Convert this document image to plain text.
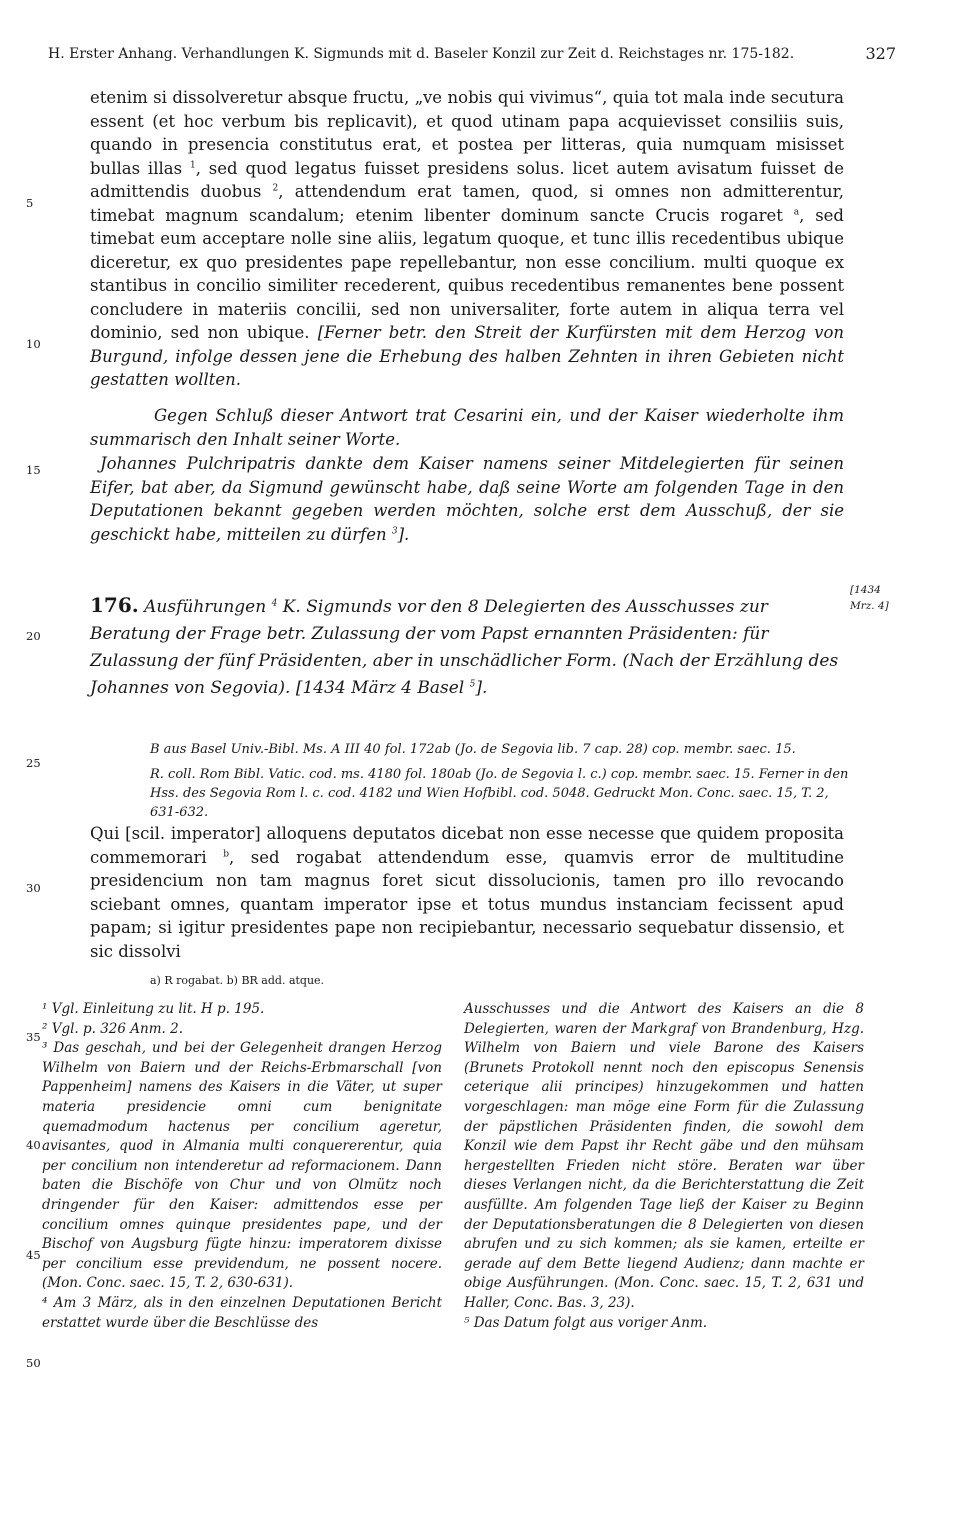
H. Erster Anhang. Verhandlungen K. Sigmunds mit d. Baseler Konzil zur Zeit d. Reichstages nr. 175-182.	327
5
10
15
20
25
30
35
40
45
50
etenim si dissolveretur absque fructu, „ve nobis qui vivimus“, quia tot mala inde secutura essent (et hoc verbum bis replicavit), et quod utinam papa acquievisset consiliis suis, quando in presencia constitutus erat, et postea per litteras, quia numquam misisset bullas illas $^1$, sed quod legatus fuisset presidens solus. licet autem avisatum fuisset de admittendis duobus $^2$, attendendum erat tamen, quod, si omnes non admitterentur, timebat magnum scandalum; etenim libenter dominum sancte Crucis rogaret $^a$, sed timebat eum acceptare nolle sine aliis, legatum quoque, et tunc illis recedentibus ubique diceretur, ex quo presidentes pape repellebantur, non esse concilium. multi quoque ex stantibus in concilio similiter recederent, quibus recedentibus remanentes bene possent concludere in materiis concilii, sed non universaliter, forte autem in aliqua terra vel dominio, sed non ubique. [Ferner betr. den Streit der Kurfürsten mit dem Herzog von Burgund, infolge dessen jene die Erhebung des halben Zehnten in ihren Gebieten nicht gestatten wollten.
Gegen Schluß dieser Antwort trat Cesarini ein, und der Kaiser wiederholte ihm summarisch den Inhalt seiner Worte.
Johannes Pulchripatris dankte dem Kaiser namens seiner Mitdelegierten für seinen Eifer, bat aber, da Sigmund gewünscht habe, daß seine Worte am folgenden Tage in den Deputationen bekannt gegeben werden möchten, solche erst dem Ausschuß, der sie geschickt habe, mitteilen zu dürfen $^3$].
176. Ausführungen $^4$ K. Sigmunds vor den 8 Delegierten des Ausschusses zur Beratung der Frage betr. Zulassung der vom Papst ernannten Präsidenten: für Zulassung der fünf Präsidenten, aber in unschädlicher Form. (Nach der Erzählung des Johannes von Segovia). [1434 März 4 Basel $^5$].
[1434
Mrz. 4]
B aus Basel Univ.-Bibl. Ms. A III 40 fol. 172ab (Jo. de Segovia lib. 7 cap. 28) cop. membr. saec. 15.
R. coll. Rom Bibl. Vatic. cod. ms. 4180 fol. 180ab (Jo. de Segovia l. c.) cop. membr. saec. 15. Ferner in den Hss. des Segovia Rom l. c. cod. 4182 und Wien Hofbibl. cod. 5048. Gedruckt Mon. Conc. saec. 15, T. 2, 631-632.
Qui [scil. imperator] alloquens deputatos dicebat non esse necesse que quidem proposita commemorari $^b$, sed rogabat attendendum esse, quamvis error de multitudine presidencium non tam magnus foret sicut dissolucionis, tamen pro illo revocando sciebant omnes, quantam imperator ipse et totus mundus instanciam fecissent apud papam; si igitur presidentes pape non recipiebantur, necessario sequebatur dissensio, et sic dissolvi
a) R rogabat. b) BR add. atque.

¹ Vgl. Einleitung zu lit. H p. 195.

² Vgl. p. 326 Anm. 2.

³ Das geschah, und bei der Gelegenheit drangen Herzog Wilhelm von Baiern und der Reichs-Erbmarschall [von Pappenheim] namens des Kaisers in die Väter, ut super materia presidencie omni cum benignitate quemadmodum hactenus per concilium ageretur, avisantes, quod in Almania multi conquererentur, quia per concilium non intenderetur ad reformacionem. Dann baten die Bischöfe von Chur und von Olmütz noch dringender für den Kaiser: admittendos esse per concilium omnes quinque presidentes pape, und der Bischof von Augsburg fügte hinzu: imperatorem dixisse per concilium esse previdendum, ne possent nocere. (Mon. Conc. saec. 15, T. 2, 630-631).

⁴ Am 3 März, als in den einzelnen Deputationen Bericht erstattet wurde über die Beschlüsse des

Ausschusses und die Antwort des Kaisers an die 8 Delegierten, waren der Markgraf von Brandenburg, Hzg. Wilhelm von Baiern und viele Barone des Kaisers (Brunets Protokoll nennt noch den episcopus Senensis ceterique alii principes) hinzugekommen und hatten vorgeschlagen: man möge eine Form für die Zulassung der päpstlichen Präsidenten finden, die sowohl dem Konzil wie dem Papst ihr Recht gäbe und den mühsam hergestellten Frieden nicht störe. Beraten war über dieses Verlangen nicht, da die Berichterstattung die Zeit ausfüllte. Am folgenden Tage ließ der Kaiser zu Beginn der Deputationsberatungen die 8 Delegierten von diesen abrufen und zu sich kommen; als sie kamen, erteilte er gerade auf dem Bette liegend Audienz; dann machte er obige Ausführungen. (Mon. Conc. saec. 15, T. 2, 631 und Haller, Conc. Bas. 3, 23).

⁵ Das Datum folgt aus voriger Anm.
